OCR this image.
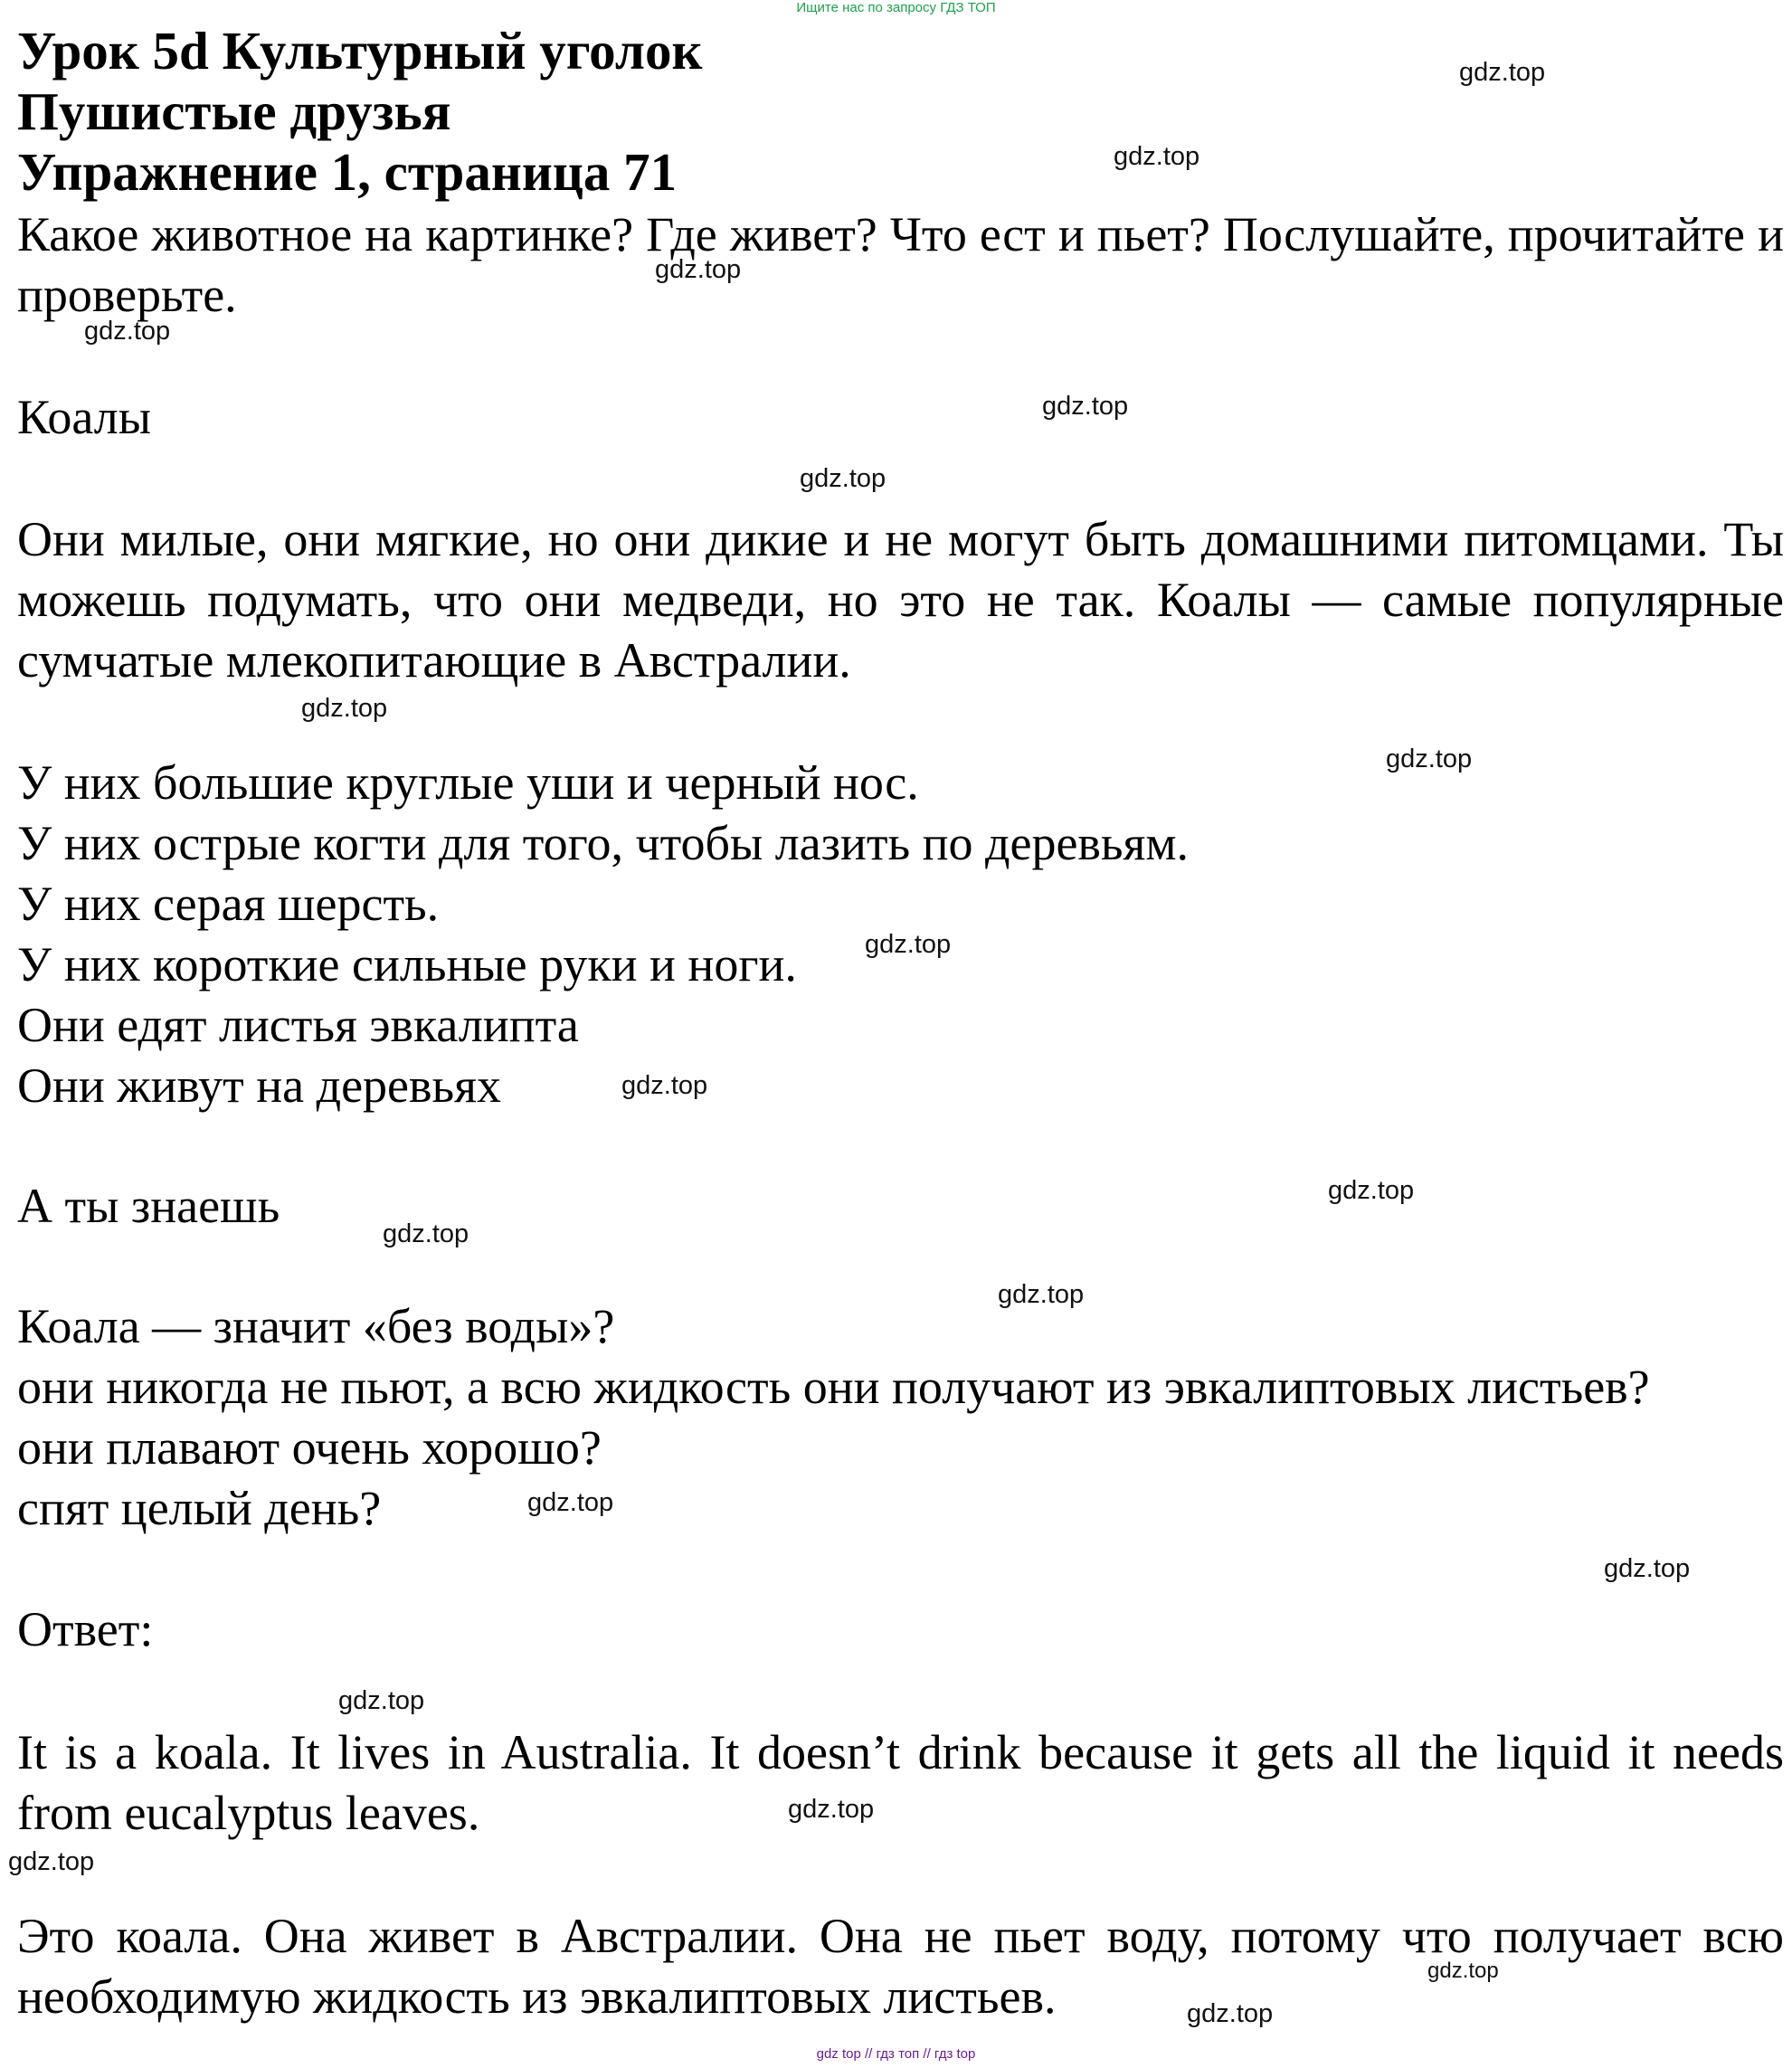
Ищите нас по запросу ГДЗ ТОП
Урок 5d Культурный уголок
Пушистые друзья
Упражнение 1, страница 71

Какое животное на картинке? Где живет? Что ест и пьет? Послушайте, прочитайте и проверьте.

Коалы

Они милые, они мягкие, но они дикие и не могут быть домашними питомцами. Ты можешь подумать, что они медведи, но это не так. Коалы — самые популярные сумчатые млекопитающие в Австралии.

У них большие круглые уши и черный нос.
У них острые когти для того, чтобы лазить по деревьям.
У них серая шерсть.
У них короткие сильные руки и ноги.
Они едят листья эвкалипта
Они живут на деревьях
А ты знаешь
Коала — значит «без воды»?
они никогда не пьют, а всю жидкость они получают из эвкалиптовых листьев?
они плавают очень хорошо?
спят целый день?
Ответ:

It is a koala. It lives in Australia. It doesn’t drink because it gets all the liquid it needs from eucalyptus leaves.

Это коала. Она живет в Австралии. Она не пьет воду, потому что получает всю необходимую жидкость из эвкалиптовых листьев.

gdz.top
gdz.top
gdz.top
gdz.top
gdz.top
gdz.top
gdz.top
gdz.top
gdz.top
gdz.top
gdz.top
gdz.top
gdz.top
gdz.top
gdz.top
gdz.top
gdz.top
gdz.top
gdz.top
gdz.top
gdz top // гдз топ // гдз top
